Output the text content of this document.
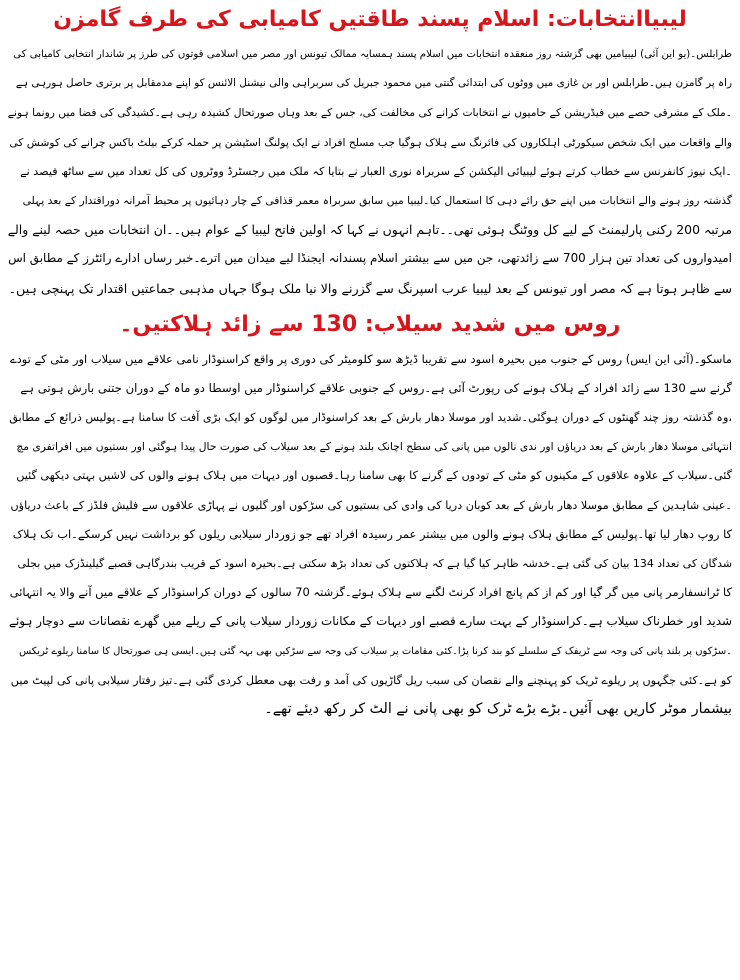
لیبیاانتخابات: اسلام پسند طاقتیں کامیابی کی طرف گامزن
طرابلس۔(یو این آئی) لیبیامیں بھی گزشتہ روز منعقدہ انتخابات میں اسلام پسند ہمسایہ ممالک تیونس اور مصر میں اسلامی قوتوں کی طرز پر شاندار انتخابی کامیابی کی
راہ پر گامزن ہیں۔طرابلس اور بن غازی میں ووٹوں کی ابتدائی گنتی میں محمود جبریل کی سربراہی والی نیشنل الائنس کو اپنے مدمقابل پر برتری حاصل ہورہی ہے
۔ملک کے مشرقی حصے میں فیڈریشن کے حامیوں نے انتخابات کرانے کی مخالفت کی، جس کے بعد وہاں صورتحال کشیدہ رہی ہے۔کشیدگی کی فضا میں رونما ہونے
والے واقعات میں ایک شخص سیکورٹی اہلکاروں کی فائرنگ سے ہلاک ہوگیا جب مسلح افراد نے ایک پولنگ اسٹیشن پر حملہ کرکے بیلٹ باکس چرانے کی کوشش کی
۔ایک نیوز کانفرنس سے خطاب کرتے ہوئے لیبیائی الیکشن کے سربراہ نوری العبار نے بتایا کہ ملک میں رجسٹرڈ ووٹروں کی کل تعداد میں سے ساٹھ فیصد نے
گذشتہ روز ہونے والے انتخابات میں اپنے حق رائے دہی کا استعمال کیا۔لیبیا میں سابق سربراہ معمر قذافی کے چار دہائیوں پر محیط آمرانہ دوراقتدار کے بعد پہلی
مرتبہ 200 رکنی پارلیمنٹ کے لیے کل ووٹنگ ہوئی تھی۔۔تاہم انہوں نے کہا کہ اولین فاتح لیبیا کے عوام ہیں۔۔ان انتخابات میں حصہ لینے والے
امیدواروں کی تعداد تین ہزار 700 سے زائدتھی، جن میں سے بیشتر اسلام پسندانہ ایجنڈا لیے میدان میں اترے۔خبر رساں ادارے رائٹرز کے مطابق اس
سے ظاہر ہوتا ہے کہ مصر اور تیونس کے بعد لیبیا عرب اسپرنگ سے گزرنے والا نیا ملک ہوگا جہاں مذہبی جماعتیں اقتدار تک پہنچی ہیں۔
روس میں شدید سیلاب: 130 سے زائد ہلاکتیں۔
ماسکو۔(آئی این ایس) روس کے جنوب میں بحیرہ اسود سے تقریبا ڈیڑھ سو کلومیٹر کی دوری پر واقع کراسنوڈار نامی علاقے میں سیلاب اور مٹی کے تودے
گرنے سے 130 سے زائد افراد کے ہلاک ہونے کی رپورٹ آئی ہے۔روس کے جنوبی علاقے کراسنوڈار میں اوسطا دو ماہ کے دوران جتنی بارش ہوتی ہے
،وہ گذشتہ روز چند گھنٹوں کے دوران ہوگئی۔شدید اور موسلا دھار بارش کے بعد کراسنوڈار میں لوگوں کو ایک بڑی آفت کا سامنا ہے۔پولیس ذرائع کے مطابق
انتہائی موسلا دھار بارش کے بعد دریاؤں اور ندی نالوں میں پانی کی سطح اچانک بلند ہونے کے بعد سیلاب کی صورت حال پیدا ہوگئی اور بستیوں میں افراتفری مچ
گئی۔سیلاب کے علاوہ علاقوں کے مکینوں کو مٹی کے تودوں کے گرنے کا بھی سامنا رہا۔قصبوں اور دیہات میں ہلاک ہونے والوں کی لاشیں بہتی دیکھی گئیں
۔عینی شاہدین کے مطابق موسلا دھار بارش کے بعد کوبان دریا کی وادی کی بستیوں کی سڑکوں اور گلیوں نے پہاڑی علاقوں سے فلیش فلڈز کے باعث دریاؤں
کا روپ دھار لیا تھا۔پولیس کے مطابق ہلاک ہونے والوں میں بیشتر عمر رسیدہ افراد تھے جو زوردار سیلابی ریلوں کو برداشت نہیں کرسکے۔اب تک ہلاک
شدگان کی تعداد 134 بیان کی گئی ہے۔خدشہ ظاہر کیا گیا ہے کہ ہلاکتوں کی تعداد بڑھ سکتی ہے۔بحیرہ اسود کے قریب بندرگاہی قصبے گیلینڈزک میں بجلی
کا ٹرانسفارمر پانی میں گر گیا اور کم از کم پانچ افراد کرنٹ لگنے سے ہلاک ہوئے۔گزشتہ 70 سالوں کے دوران کراسنوڈار کے علاقے میں آنے والا یہ انتہائی
شدید اور خطرناک سیلاب ہے۔کراسنوڈار کے بہت سارے قصبے اور دیہات کے مکانات زوردار سیلاب پانی کے ریلے میں گھرے نقصانات سے دوچار ہوئے
۔سڑکوں پر بلند پانی کی وجہ سے ٹریفک کے سلسلے کو بند کرنا پڑا۔کئی مقامات پر سیلاب کی وجہ سے سڑکیں بھی بہہ گئی ہیں۔ایسی ہی صورتحال کا سامنا ریلوے ٹریکس
کو ہے۔کئی جگہوں پر ریلوے ٹریک کو پہنچنے والے نقصان کی سبب ریل گاڑیوں کی آمد و رفت بھی معطل کردی گئی ہے۔تیز رفتار سیلابی پانی کی لپیٹ میں
بیشمار موٹر کاریں بھی آئیں۔بڑے بڑے ٹرک کو بھی پانی نے الٹ کر رکھ دیئے تھے۔
